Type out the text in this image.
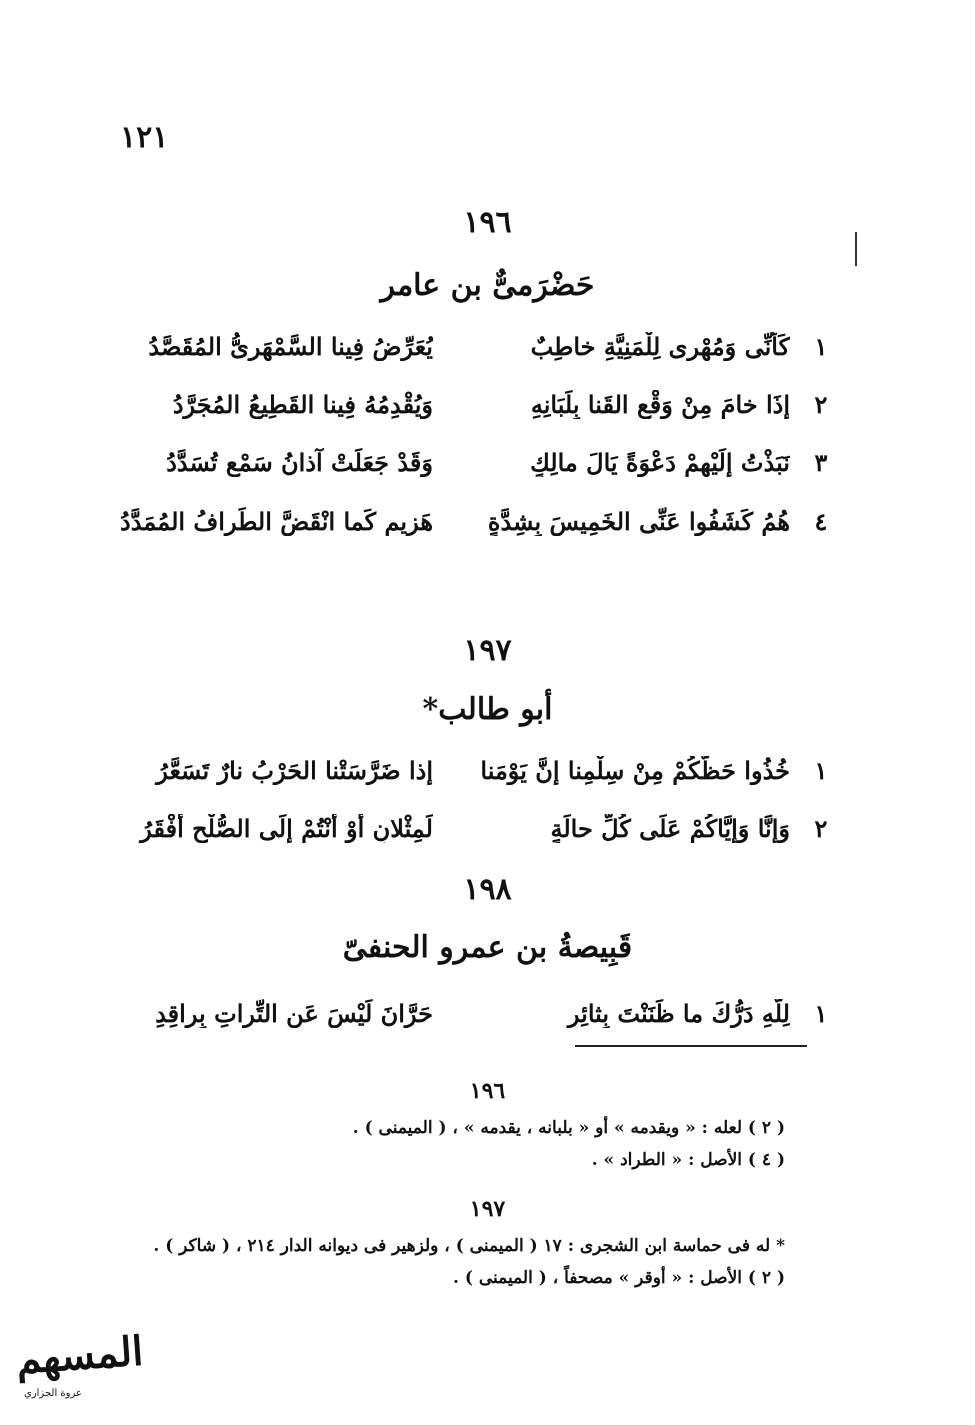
١٢١
١٩٦
حَضْرَمیٌّ بن عامر
١
كَأَنِّى وَمُهْرِى لِلْمَنِيَّةِ خاطِبٌ
يُعَرِّضُ فِينا السَّمْهَرِىُّ المُقَصَّدُ
٢
إِذَا خامَ مِنْ وَقْعِ القَنا بِلَبَانِهِ
وَيُقْدِمُهُ فِينا القَطِيعُ المُجَرَّدُ
٣
نَبَذْتُ إِلَيْهِمْ دَعْوَةً يَالَ مالِكٍ
وَقَدْ جَعَلَتْ آذانُ سَمْعٍ تُسَدَّدُ
٤
هُمُ كَشَفُوا عَنِّى الخَمِيسَ بِشِدَّةٍ
هَزِيمٍ كَما انْقَضَّ الطِّرافُ المُمَدَّدُ
١٩٧
أبو طالب*
١
خُذُوا حَظَّكُمْ مِنْ سِلْمِنا إِنَّ يَوْمَنا
إِذا ضَرَّسَتْنا الحَرْبُ نارٌ تَسَعَّرُ
٢
وَإِنَّا وَإِيَّاكُمْ عَلَى كُلِّ حالَةٍ
لَمِثْلانِ أَوْ أَنْتُمْ إِلَى الصُّلْحِ أَفْقَرُ
١٩٨
قَبِيصةُ بن عمرو الحنفىّ
١
لِلّهِ دَرُّكَ ما ظَنَنْتَ بِثائِرٍ
حَرَّانَ لَيْسَ عَنِ التِّراتِ بِراقِدِ
١٩٦
( ٢ ) لعله : « ويقدمه » أو « بلبانه ، يقدمه » ، ( الميمنى ) .
( ٤ ) الأصل : « الطراد » .
١٩٧
* له فى حماسة ابن الشجرى : ١٧ ( الميمنى ) ، ولزهير فى ديوانه الدار ٢١٤ ، ( شاكر ) .
( ٢ ) الأصل : « أوقر » مصحفاً ، ( الميمنى ) .
المسهم
عروة الجزاري
